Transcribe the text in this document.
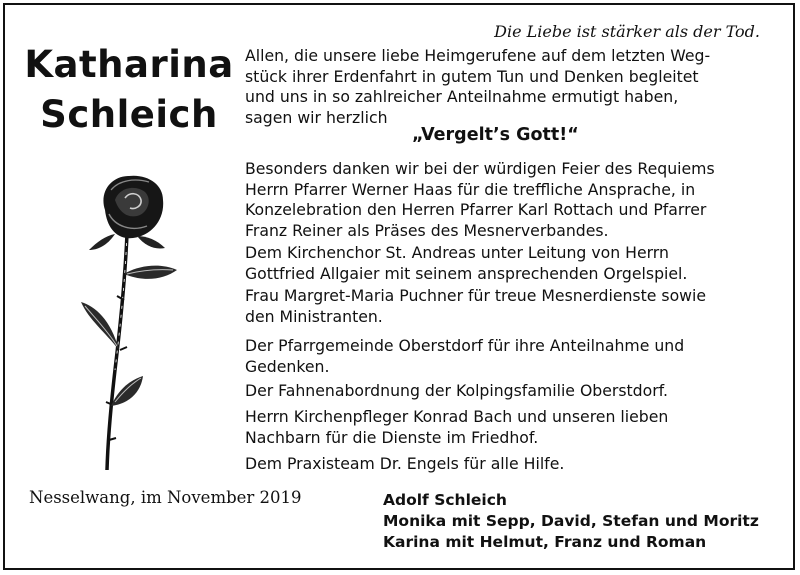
Die Liebe ist stärker als der Tod.
Katharina
Schleich
Allen, die unsere liebe Heimgerufene auf dem letzten Weg-
stück ihrer Erdenfahrt in gutem Tun und Denken begleitet
und uns in so zahlreicher Anteilnahme ermutigt haben,
sagen wir herzlich
„Vergelt’s Gott!“
Besonders danken wir bei der würdigen Feier des Requiems
Herrn Pfarrer Werner Haas für die treffliche Ansprache, in
Konzelebration den Herren Pfarrer Karl Rottach und Pfarrer
Franz Reiner als Präses des Mesnerverbandes.
Dem Kirchenchor St. Andreas unter Leitung von Herrn
Gottfried Allgaier mit seinem ansprechenden Orgelspiel.
Frau Margret-Maria Puchner für treue Mesnerdienste sowie
den Ministranten.
Der Pfarrgemeinde Oberstdorf für ihre Anteilnahme und
Gedenken.
Der Fahnenabordnung der Kolpingsfamilie Oberstdorf.
Herrn Kirchenpfleger Konrad Bach und unseren lieben
Nachbarn für die Dienste im Friedhof.
Dem Praxisteam Dr. Engels für alle Hilfe.
Nesselwang, im November 2019	Adolf Schleich
Monika mit Sepp, David, Stefan und Moritz
Karina mit Helmut, Franz und Roman
